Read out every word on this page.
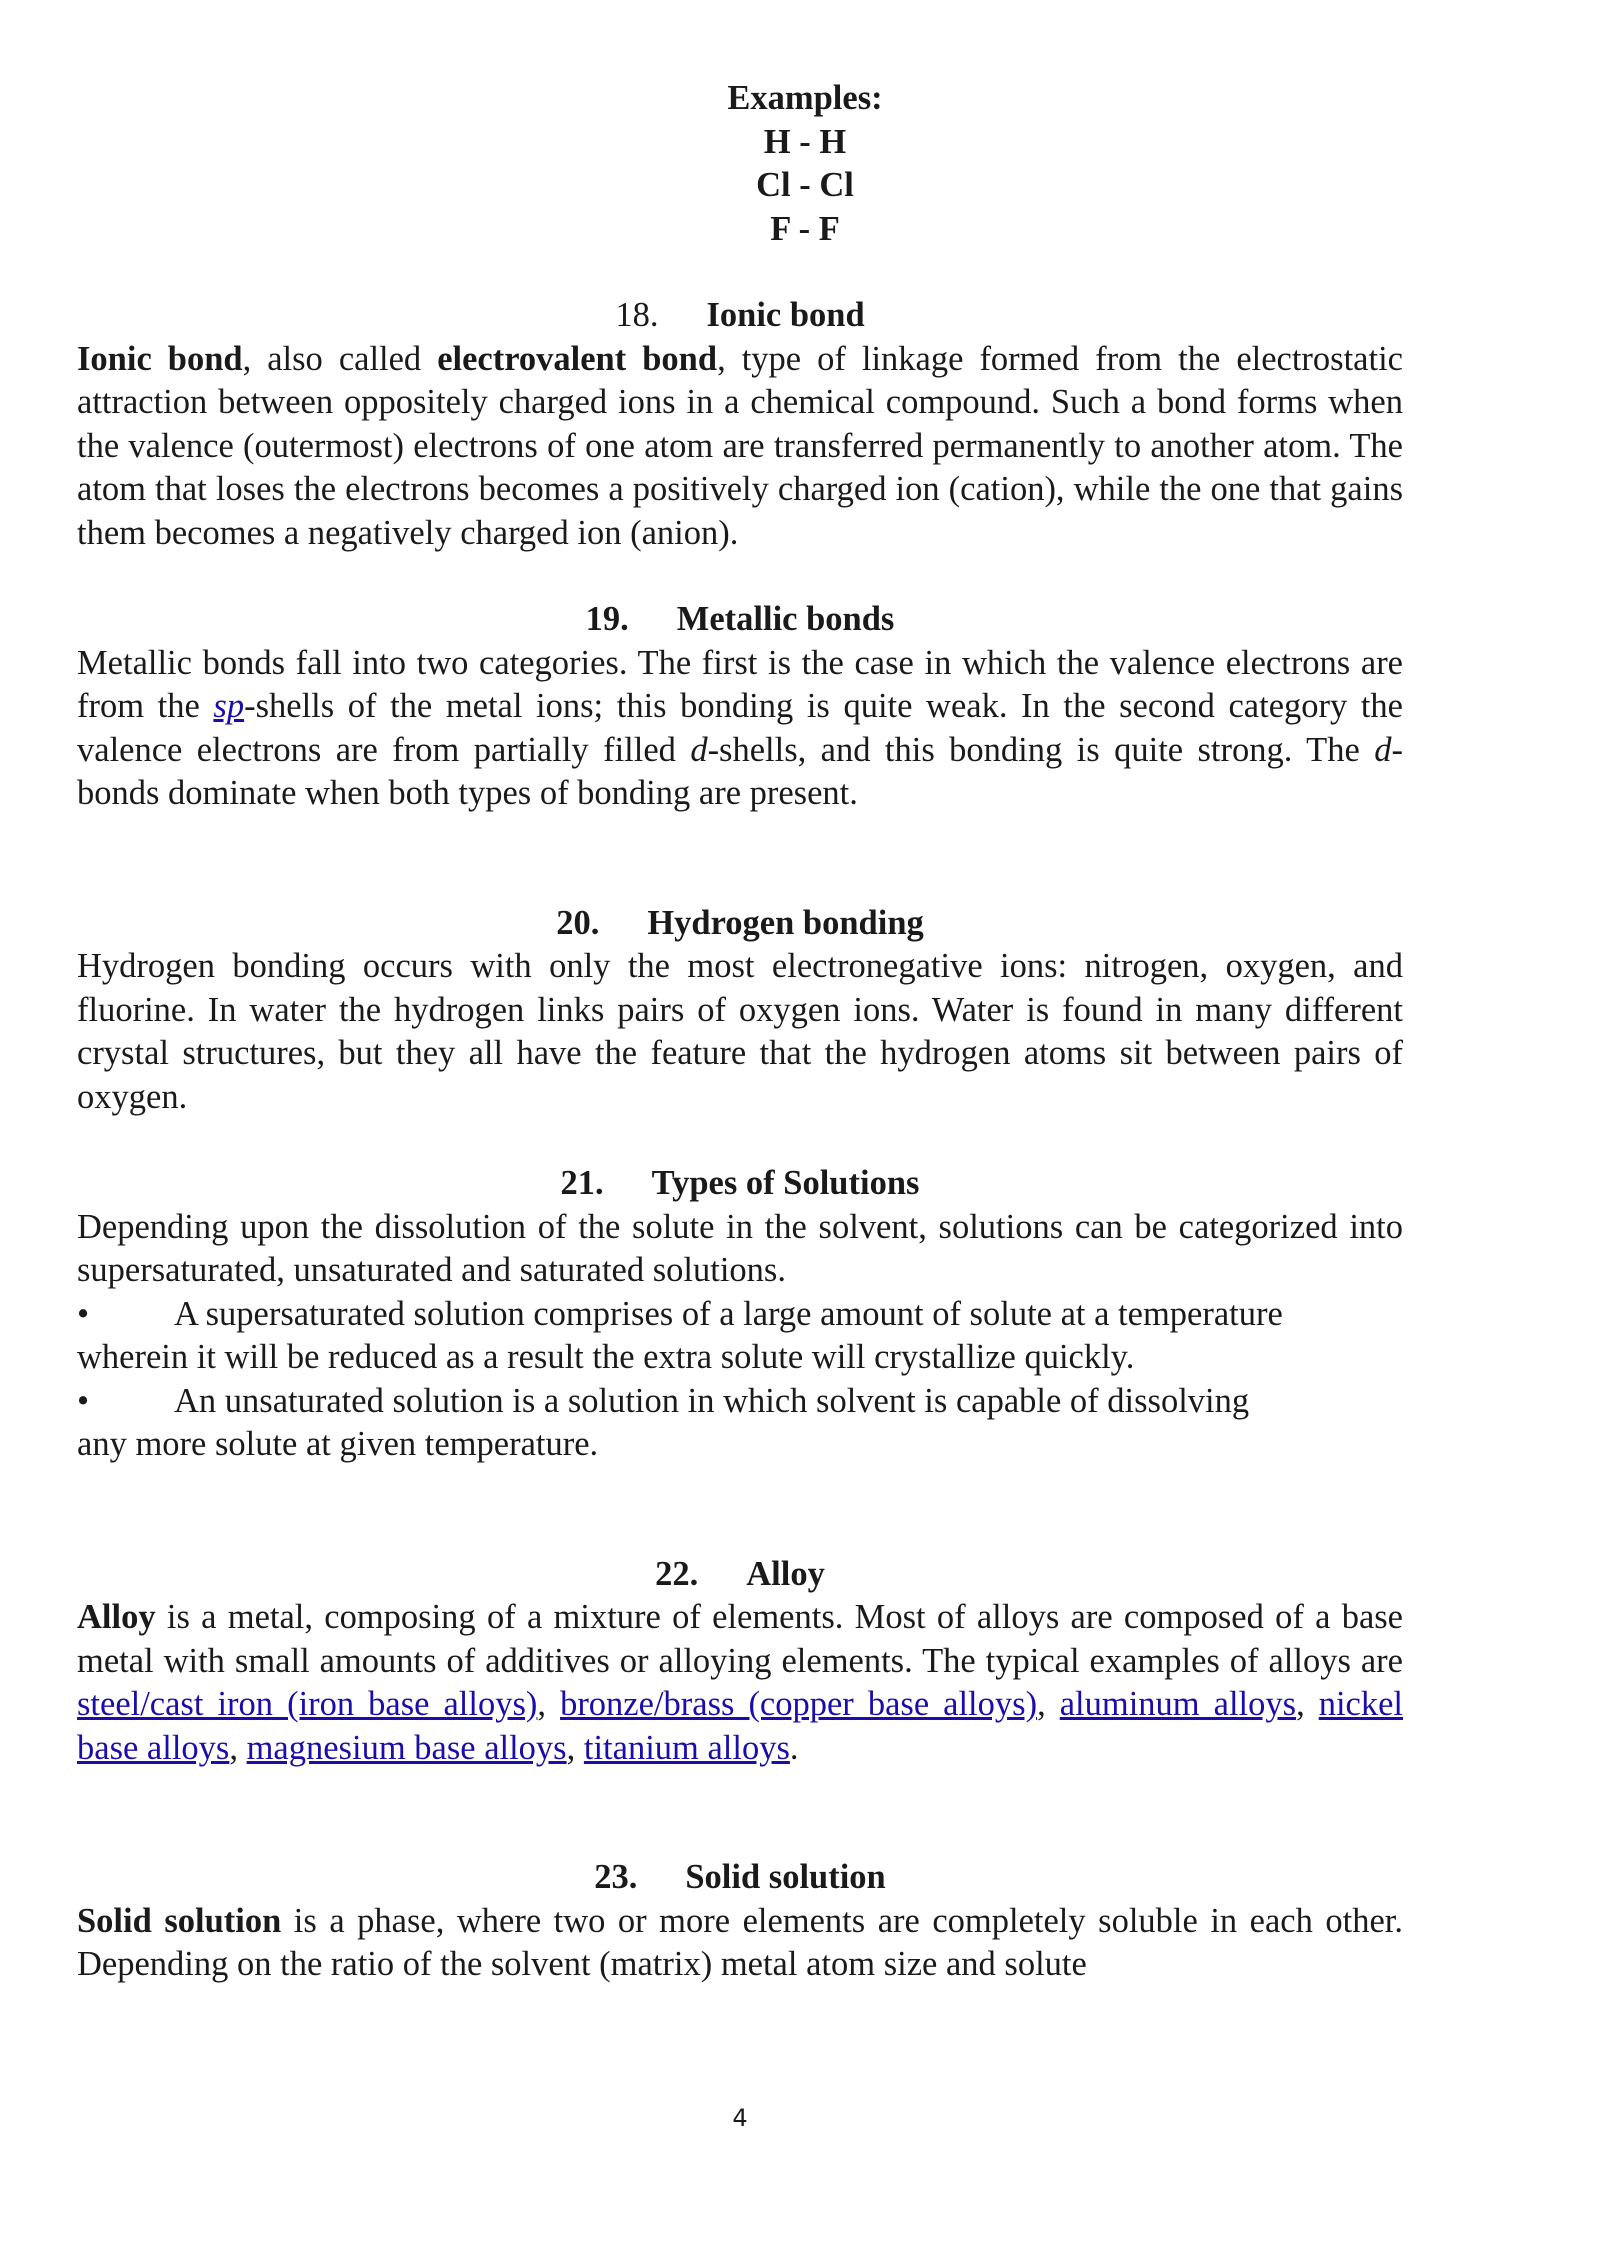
Examples:
H - H
Cl - Cl
F - F
18. Ionic bond

Ionic bond, also called electrovalent bond, type of linkage formed from the electrostatic attraction between oppositely charged ions in a chemical compound. Such a bond forms when the valence (outermost) electrons of one atom are transferred permanently to another atom. The atom that loses the electrons becomes a positively charged ion (cation), while the one that gains them becomes a negatively charged ion (anion).

19. Metallic bonds

Metallic bonds fall into two categories. The first is the case in which the valence electrons are from the sp-shells of the metal ions; this bonding is quite weak. In the second category the valence electrons are from partially filled d-shells, and this bonding is quite strong. The d-bonds dominate when both types of bonding are present.

20. Hydrogen bonding

Hydrogen bonding occurs with only the most electronegative ions: nitrogen, oxygen, and fluorine. In water the hydrogen links pairs of oxygen ions. Water is found in many different crystal structures, but they all have the feature that the hydrogen atoms sit between pairs of oxygen.

21. Types of Solutions

Depending upon the dissolution of the solute in the solvent, solutions can be categorized into supersaturated, unsaturated and saturated solutions.

•	A supersaturated solution comprises of a large amount of solute at a temperature

wherein it will be reduced as a result the extra solute will crystallize quickly.

•	An unsaturated solution is a solution in which solvent is capable of dissolving

any more solute at given temperature.

22. Alloy

Alloy is a metal, composing of a mixture of elements. Most of alloys are composed of a base metal with small amounts of additives or alloying elements. The typical examples of alloys are steel/cast iron (iron base alloys), bronze/brass (copper base alloys), aluminum alloys, nickel base alloys, magnesium base alloys, titanium alloys.

23. Solid solution

Solid solution is a phase, where two or more elements are completely soluble in each other. Depending on the ratio of the solvent (matrix) metal atom size and solute

4
